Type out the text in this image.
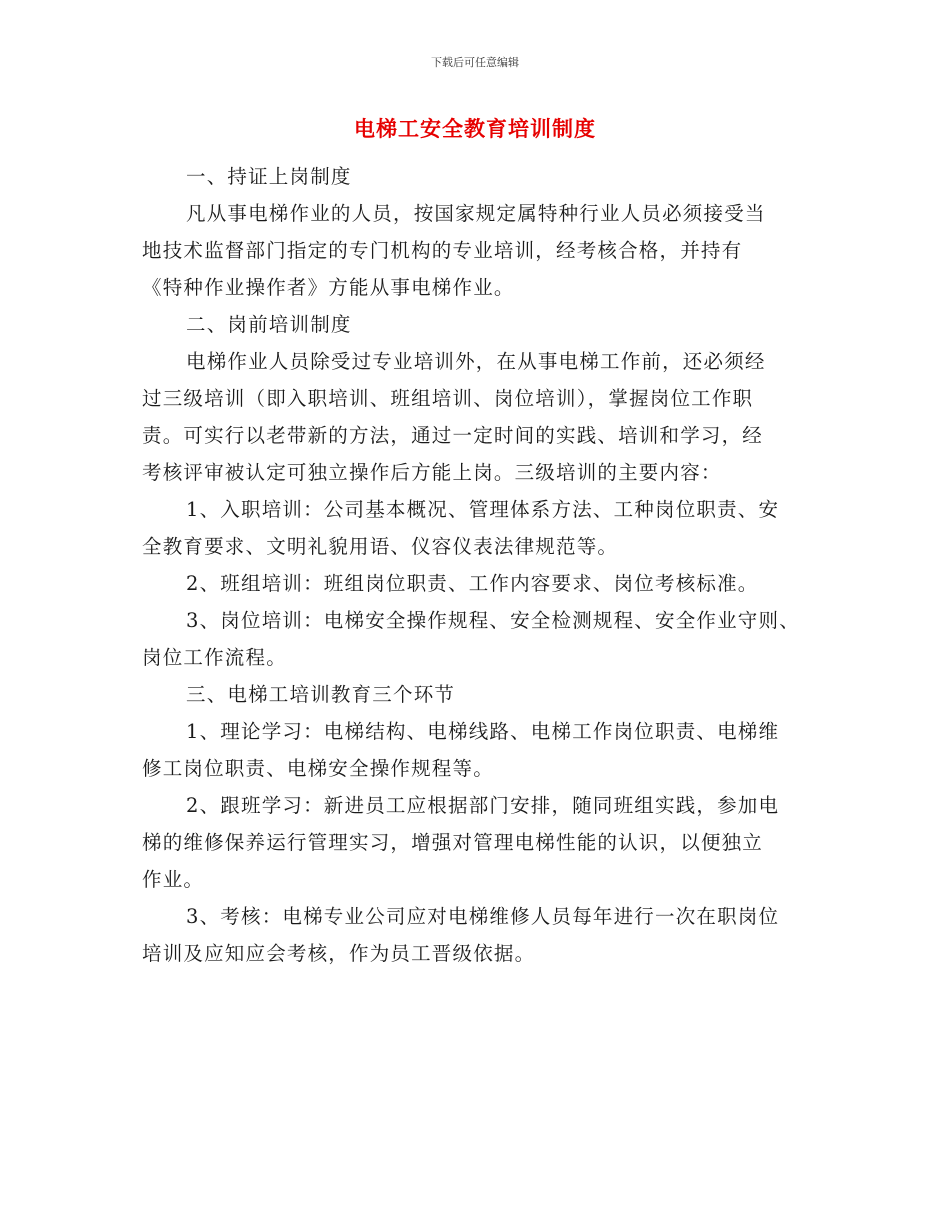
下载后可任意编辑
电梯工安全教育培训制度
一、持证上岗制度
凡从事电梯作业的人员，按国家规定属特种行业人员必须接受当
地技术监督部门指定的专门机构的专业培训，经考核合格，并持有
《特种作业操作者》方能从事电梯作业。
二、岗前培训制度
电梯作业人员除受过专业培训外，在从事电梯工作前，还必须经
过三级培训（即入职培训、班组培训、岗位培训），掌握岗位工作职
责。可实行以老带新的方法，通过一定时间的实践、培训和学习，经
考核评审被认定可独立操作后方能上岗。三级培训的主要内容：
1、入职培训：公司基本概况、管理体系方法、工种岗位职责、安
全教育要求、文明礼貌用语、仪容仪表法律规范等。
2、班组培训：班组岗位职责、工作内容要求、岗位考核标准。
3、岗位培训：电梯安全操作规程、安全检测规程、安全作业守则、
岗位工作流程。
三、电梯工培训教育三个环节
1、理论学习：电梯结构、电梯线路、电梯工作岗位职责、电梯维
修工岗位职责、电梯安全操作规程等。
2、跟班学习：新进员工应根据部门安排，随同班组实践，参加电
梯的维修保养运行管理实习，增强对管理电梯性能的认识，以便独立
作业。
3、考核：电梯专业公司应对电梯维修人员每年进行一次在职岗位
培训及应知应会考核，作为员工晋级依据。
